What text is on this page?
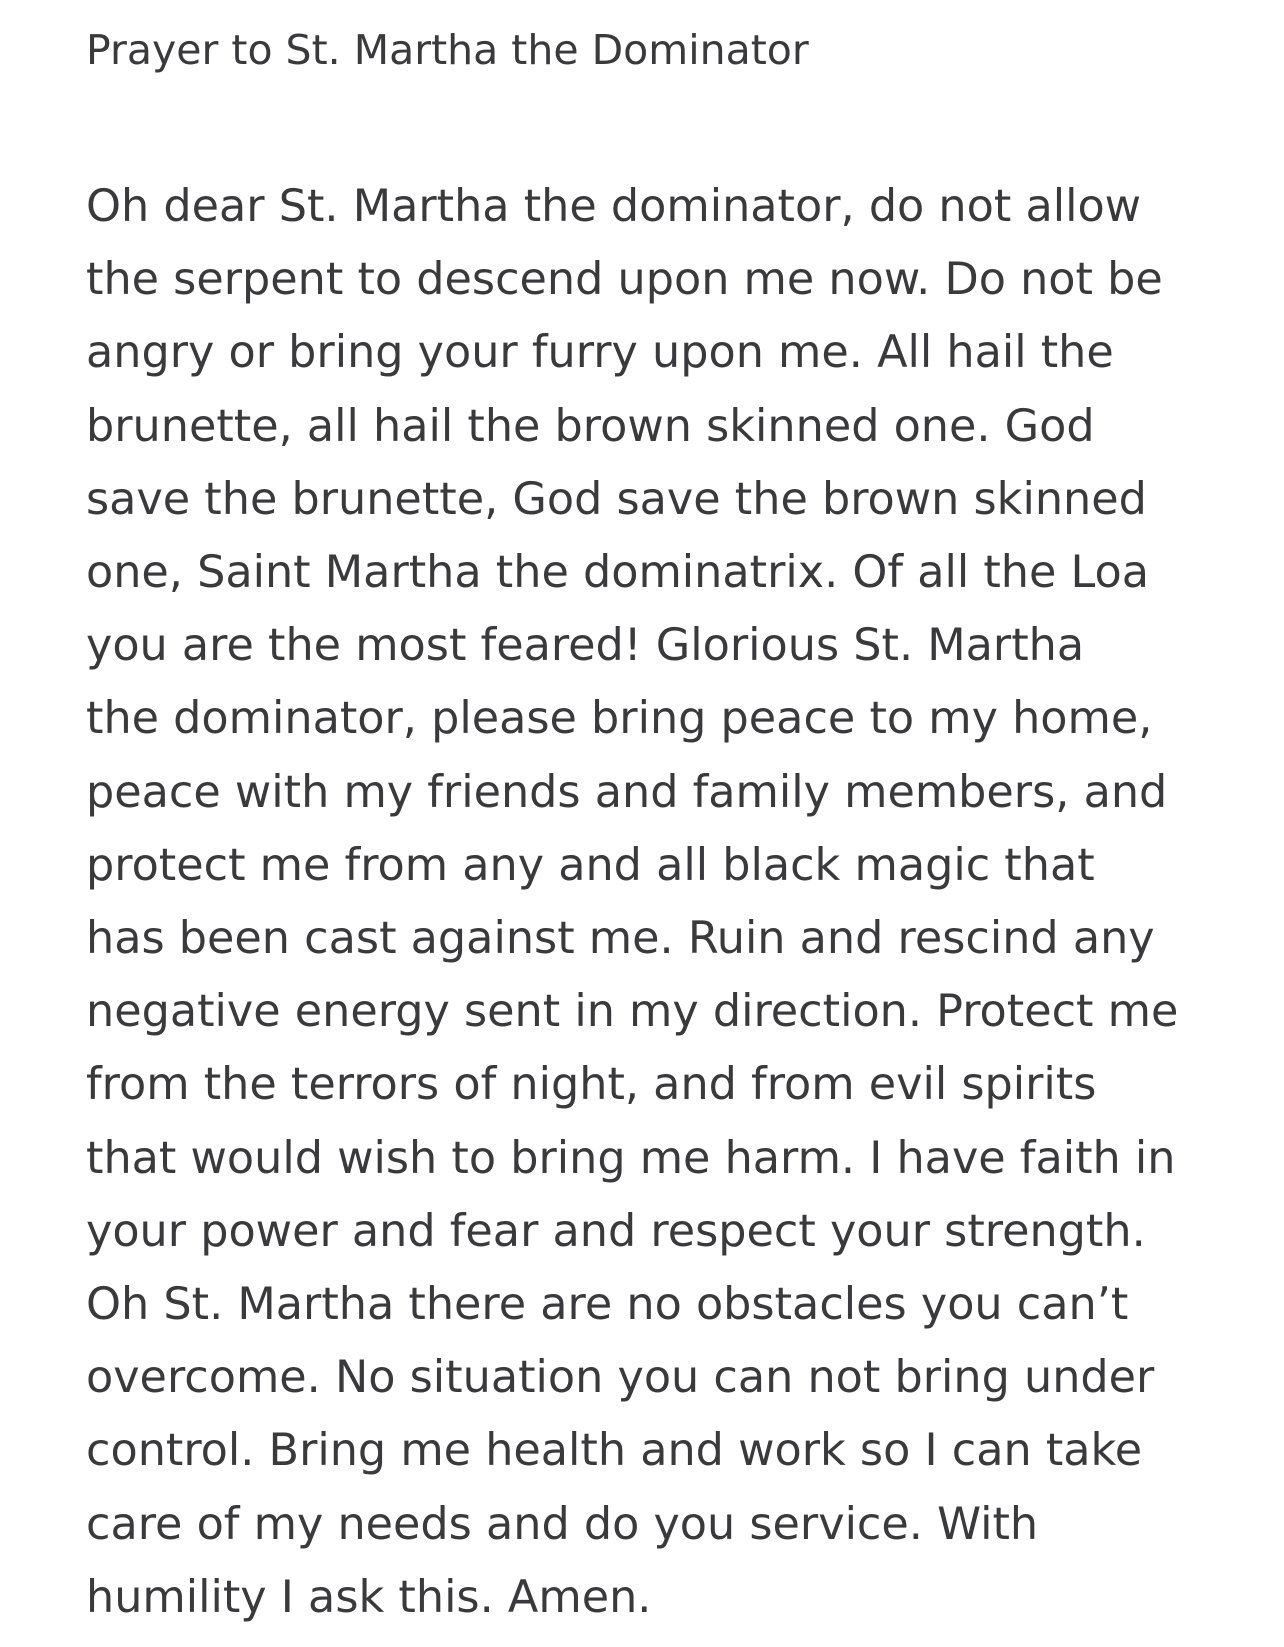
Prayer to St. Martha the Dominator
Oh dear St. Martha the dominator, do not allow
the serpent to descend upon me now. Do not be
angry or bring your furry upon me. All hail the
brunette, all hail the brown skinned one. God
save the brunette, God save the brown skinned
one, Saint Martha the dominatrix. Of all the Loa
you are the most feared! Glorious St. Martha
the dominator, please bring peace to my home,
peace with my friends and family members, and
protect me from any and all black magic that
has been cast against me. Ruin and rescind any
negative energy sent in my direction. Protect me
from the terrors of night, and from evil spirits
that would wish to bring me harm. I have faith in
your power and fear and respect your strength.
Oh St. Martha there are no obstacles you can’t
overcome. No situation you can not bring under
control. Bring me health and work so I can take
care of my needs and do you service. With
humility I ask this. Amen.
